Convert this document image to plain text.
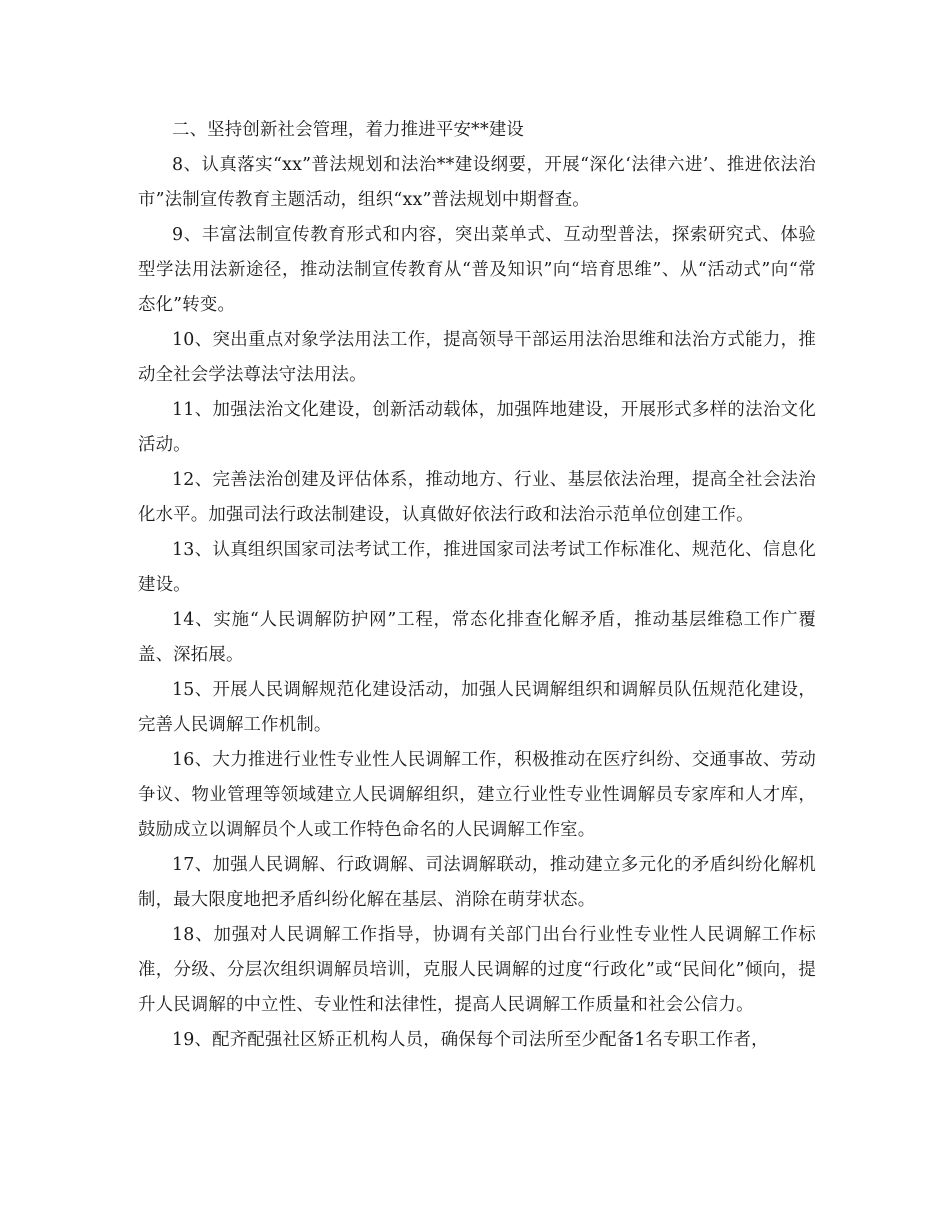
二、坚持创新社会管理，着力推进平安**建设

8、认真落实“xx”普法规划和法治**建设纲要，开展“深化‘法律六进’、推进依法治市”法制宣传教育主题活动，组织“xx”普法规划中期督查。

9、丰富法制宣传教育形式和内容，突出菜单式、互动型普法，探索研究式、体验型学法用法新途径，推动法制宣传教育从“普及知识”向“培育思维”、从“活动式”向“常态化”转变。

10、突出重点对象学法用法工作，提高领导干部运用法治思维和法治方式能力，推动全社会学法尊法守法用法。

11、加强法治文化建设，创新活动载体，加强阵地建设，开展形式多样的法治文化活动。

12、完善法治创建及评估体系，推动地方、行业、基层依法治理，提高全社会法治化水平。加强司法行政法制建设，认真做好依法行政和法治示范单位创建工作。

13、认真组织国家司法考试工作，推进国家司法考试工作标准化、规范化、信息化建设。

14、实施“人民调解防护网”工程，常态化排查化解矛盾，推动基层维稳工作广覆盖、深拓展。

15、开展人民调解规范化建设活动，加强人民调解组织和调解员队伍规范化建设，完善人民调解工作机制。

16、大力推进行业性专业性人民调解工作，积极推动在医疗纠纷、交通事故、劳动争议、物业管理等领域建立人民调解组织，建立行业性专业性调解员专家库和人才库，鼓励成立以调解员个人或工作特色命名的人民调解工作室。

17、加强人民调解、行政调解、司法调解联动，推动建立多元化的矛盾纠纷化解机制，最大限度地把矛盾纠纷化解在基层、消除在萌芽状态。

18、加强对人民调解工作指导，协调有关部门出台行业性专业性人民调解工作标准，分级、分层次组织调解员培训，克服人民调解的过度“行政化”或“民间化”倾向，提升人民调解的中立性、专业性和法律性，提高人民调解工作质量和社会公信力。

19、配齐配强社区矫正机构人员，确保每个司法所至少配备1名专职工作者，
